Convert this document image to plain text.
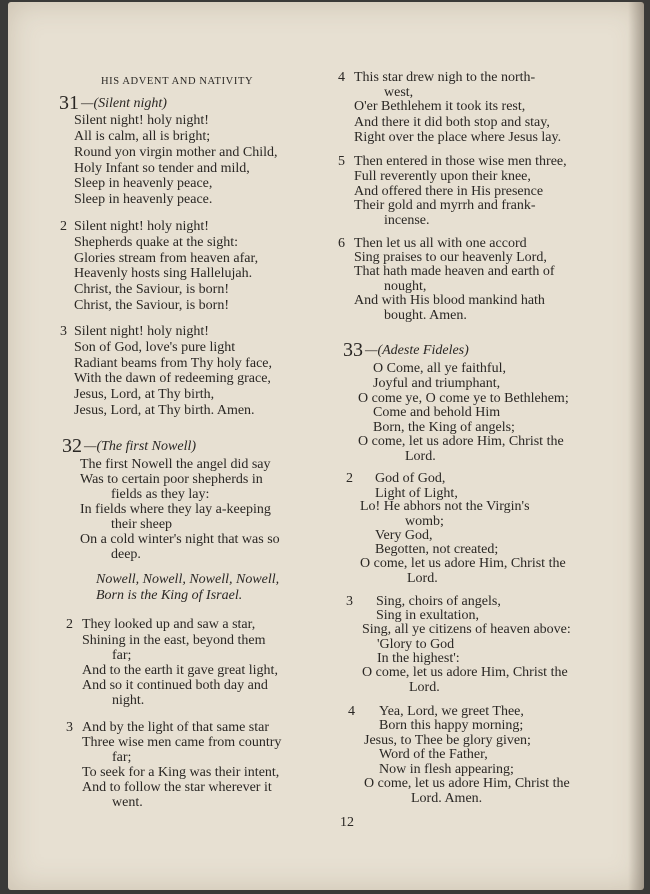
HIS ADVENT AND NATIVITY
31 —(Silent night)
Silent night! holy night!
All is calm, all is bright;
Round yon virgin mother and Child,
Holy Infant so tender and mild,
Sleep in heavenly peace,
Sleep in heavenly peace.
2 Silent night! holy night!
Shepherds quake at the sight:
Glories stream from heaven afar,
Heavenly hosts sing Hallelujah.
Christ, the Saviour, is born!
Christ, the Saviour, is born!
3 Silent night! holy night!
Son of God, love's pure light
Radiant beams from Thy holy face,
With the dawn of redeeming grace,
Jesus, Lord, at Thy birth,
Jesus, Lord, at Thy birth. Amen.
32 —(The first Nowell)
The first Nowell the angel did say
Was to certain poor shepherds in
fields as they lay:
In fields where they lay a-keeping
their sheep
On a cold winter's night that was so
deep.
Nowell, Nowell, Nowell, Nowell,
Born is the King of Israel.
2 They looked up and saw a star,
Shining in the east, beyond them
far;
And to the earth it gave great light,
And so it continued both day and
night.
3 And by the light of that same star
Three wise men came from country
far;
To seek for a King was their intent,
And to follow the star wherever it
went.
4 This star drew nigh to the north-
west,
O'er Bethlehem it took its rest,
And there it did both stop and stay,
Right over the place where Jesus lay.
5 Then entered in those wise men three,
Full reverently upon their knee,
And offered there in His presence
Their gold and myrrh and frank-
incense.
6 Then let us all with one accord
Sing praises to our heavenly Lord,
That hath made heaven and earth of
nought,
And with His blood mankind hath
bought. Amen.
33 —(Adeste Fideles)
O Come, all ye faithful,
Joyful and triumphant,
O come ye, O come ye to Bethlehem;
Come and behold Him
Born, the King of angels;
O come, let us adore Him, Christ the
Lord.
2 God of God,
Light of Light,
Lo! He abhors not the Virgin's
womb;
Very God,
Begotten, not created;
O come, let us adore Him, Christ the
Lord.
3 Sing, choirs of angels,
Sing in exultation,
Sing, all ye citizens of heaven above:
'Glory to God
In the highest':
O come, let us adore Him, Christ the
Lord.
4 Yea, Lord, we greet Thee,
Born this happy morning;
Jesus, to Thee be glory given;
Word of the Father,
Now in flesh appearing;
O come, let us adore Him, Christ the
Lord. Amen.
12
